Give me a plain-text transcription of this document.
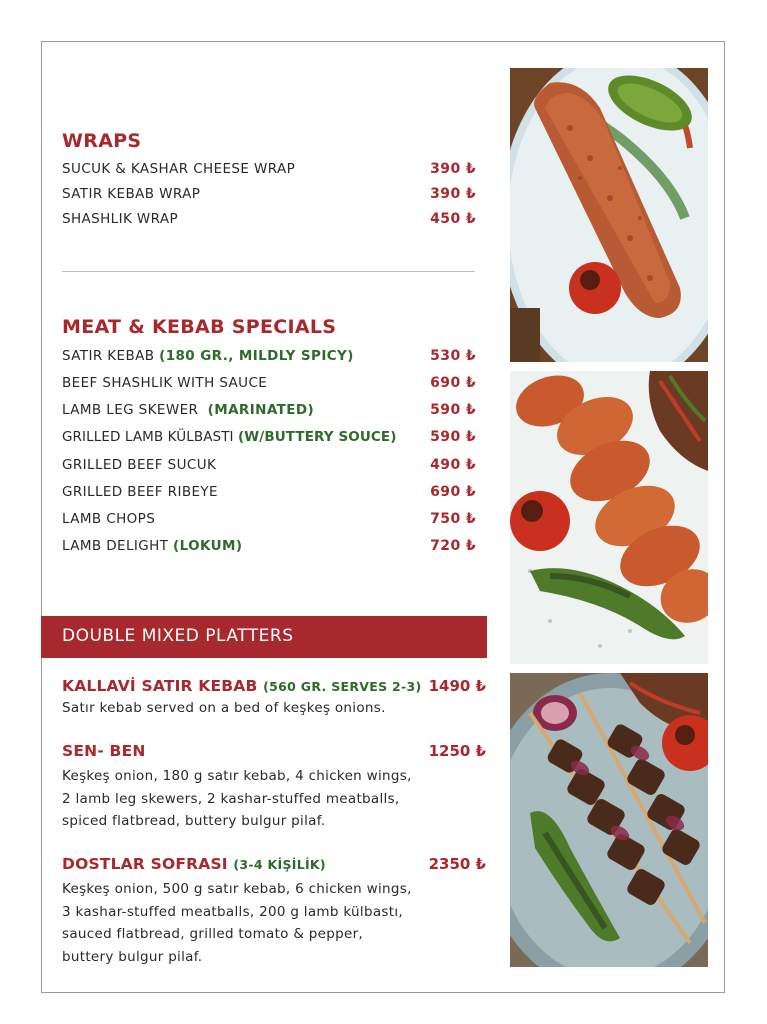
WRAPS
SUCUK & KASHAR CHEESE WRAP	390 ₺
SATIR KEBAB WRAP	390 ₺
SHASHLIK WRAP	450 ₺
MEAT & KEBAB SPECIALS
SATIR KEBAB (180 GR., MILDLY SPICY)	530 ₺
BEEF SHASHLIK WITH SAUCE	690 ₺
LAMB LEG SKEWER  (MARINATED)	590 ₺
GRILLED LAMB KÜLBASTI (W/BUTTERY SOUCE) 590 ₺
GRILLED BEEF SUCUK	490 ₺
GRILLED BEEF RIBEYE	690 ₺
LAMB CHOPS	750 ₺
LAMB DELIGHT (LOKUM)	720 ₺
DOUBLE MIXED PLATTERS
KALLAVİ SATIR KEBAB (560 GR. SERVES 2-3) 1490 ₺
Satır kebab served on a bed of keşkeş onions.
SEN- BEN	1250 ₺
Keşkeş onion, 180 g satır kebab, 4 chicken wings,
2 lamb leg skewers, 2 kashar-stuffed meatballs,
spiced flatbread, buttery bulgur pilaf.
DOSTLAR SOFRASI (3-4 KİŞİLİK)	2350 ₺
Keşkeş onion, 500 g satır kebab, 6 chicken wings,
3 kashar-stuffed meatballs, 200 g lamb külbastı,
sauced flatbread, grilled tomato & pepper,
buttery bulgur pilaf.
